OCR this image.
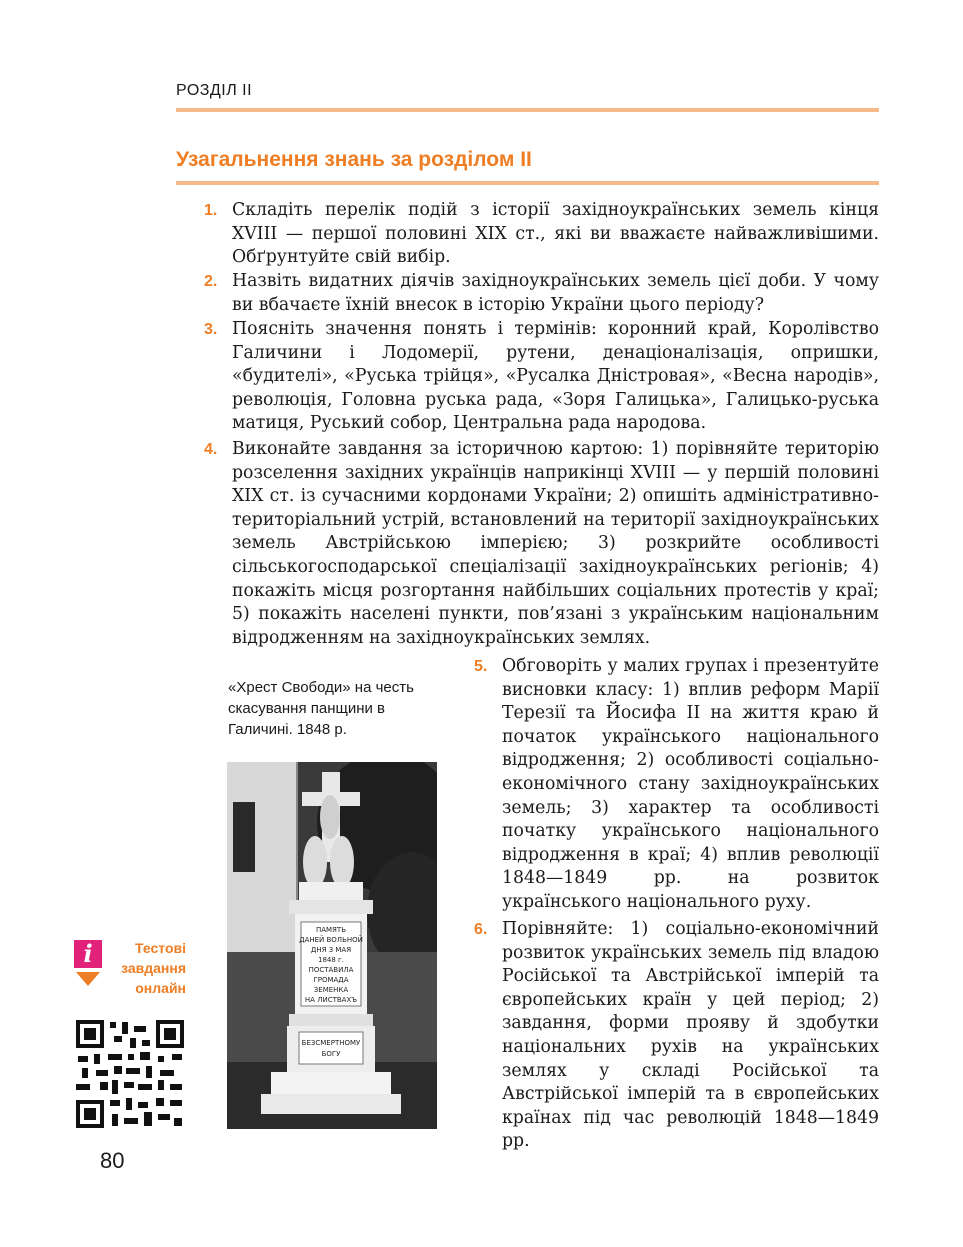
РОЗДІЛ ІІ
Узагальнення знань за розділом ІІ

1. Складіть перелік подій з історії західноукраїнських земель кінця XVIII — першої половині XIX ст., які ви вважаєте найважливішими. Обґрунтуйте свій вибір.

2. Назвіть видатних діячів західноукраїнських земель цієї доби. У чому ви вбачаєте їхній внесок в історію України цього періоду?

3. Поясніть значення понять і термінів: коронний край, Королівство Галичини і Лодомерії, рутени, денаціоналізація, опришки, «будителі», «Руська трійця», «Русалка Дністровая», «Весна народів», революція, Головна руська рада, «Зоря Галицька», Галицько-руська матиця, Руський собор, Центральна рада народова.

4. Виконайте завдання за історичною картою: 1) порівняйте територію розселення західних українців наприкінці XVIII — у першій половині XIX ст. із сучасними кордонами України; 2) опишіть адміністративно-територіальний устрій, встановлений на території західноукраїнських земель Австрійською імперією; 3) розкрийте особливості сільськогосподарської спеціалізації західноукраїнських регіонів; 4) покажіть місця розгортання найбільших соціальних протестів у краї; 5) покажіть населені пункти, пов’язані з українським національним відродженням на західноукраїнських землях.

5. Обговоріть у малих групах і презентуйте висновки класу: 1) вплив реформ Марії Терезії та Йосифа II на життя краю й початок українського національного відродження; 2) особливості соціально-економічного стану західноукраїнських земель; 3) характер та особливості початку українського національного відродження в краї; 4) вплив революції 1848—1849 рр. на розвиток українського національного руху.

6. Порівняйте: 1) соціально-економічний розвиток українських земель під владою Російської та Австрійської імперій та європейських країн у цей період; 2) завдання, форми прояву й здобутки національних рухів на українських землях у складі Російської та Австрійської імперій та в європейських країнах під час революцій 1848—1849 рр.

«Хрест Свободи» на честь скасування панщини в Галичині. 1848 р.
ПАМЯТЬ
ДАНЕЙ ВОЛЬНОЙ
ДНЯ 3 МАЯ
1848 г.
ПОСТАВИЛА
ГРОМАДА
ЗЕМЕНКА
НА ЛИСТВАХЪ
БЕЗСМЕРТНОМУ
БОГУ
i	Тестові
завдання
онлайн
80
